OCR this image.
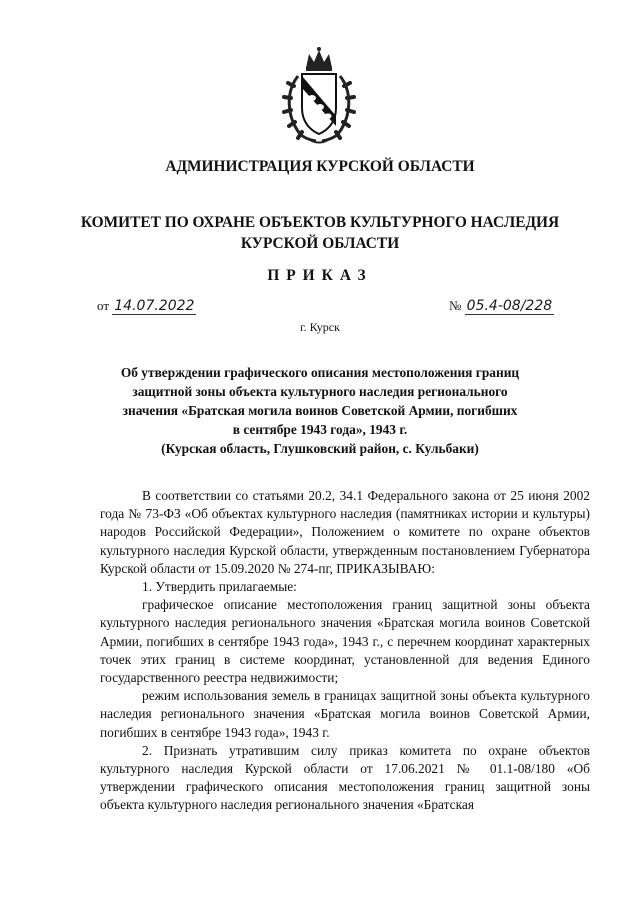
АДМИНИСТРАЦИЯ КУРСКОЙ ОБЛАСТИ
КОМИТЕТ ПО ОХРАНЕ ОБЪЕКТОВ КУЛЬТУРНОГО НАСЛЕДИЯ
КУРСКОЙ ОБЛАСТИ
ПРИКАЗ
от 14.07.2022	№ 05.4-08/228
г. Курск
Об утверждении графического описания местоположения границ
защитной зоны объекта культурного наследия регионального
значения «Братская могила воинов Советской Армии, погибших
в сентябре 1943 года», 1943 г.
(Курская область, Глушковский район, с. Кульбаки)

В соответствии со статьями 20.2, 34.1 Федерального закона от 25 июня 2002 года № 73-ФЗ «Об объектах культурного наследия (памятниках истории и культуры) народов Российской Федерации», Положением о комитете по охране объектов культурного наследия Курской области, утвержденным постановлением Губернатора Курской области от 15.09.2020 № 274-пг, ПРИКАЗЫВАЮ:

1. Утвердить прилагаемые:

графическое описание местоположения границ защитной зоны объекта культурного наследия регионального значения «Братская могила воинов Советской Армии, погибших в сентябре 1943 года», 1943 г., с перечнем координат характерных точек этих границ в системе координат, установленной для ведения Единого государственного реестра недвижимости;

режим использования земель в границах защитной зоны объекта культурного наследия регионального значения «Братская могила воинов Советской Армии, погибших в сентябре 1943 года», 1943 г.

2. Признать утратившим силу приказ комитета по охране объектов культурного наследия Курской области от 17.06.2021 № 01.1-08/180 «Об утверждении графического описания местоположения границ защитной зоны объекта культурного наследия регионального значения «Братская
